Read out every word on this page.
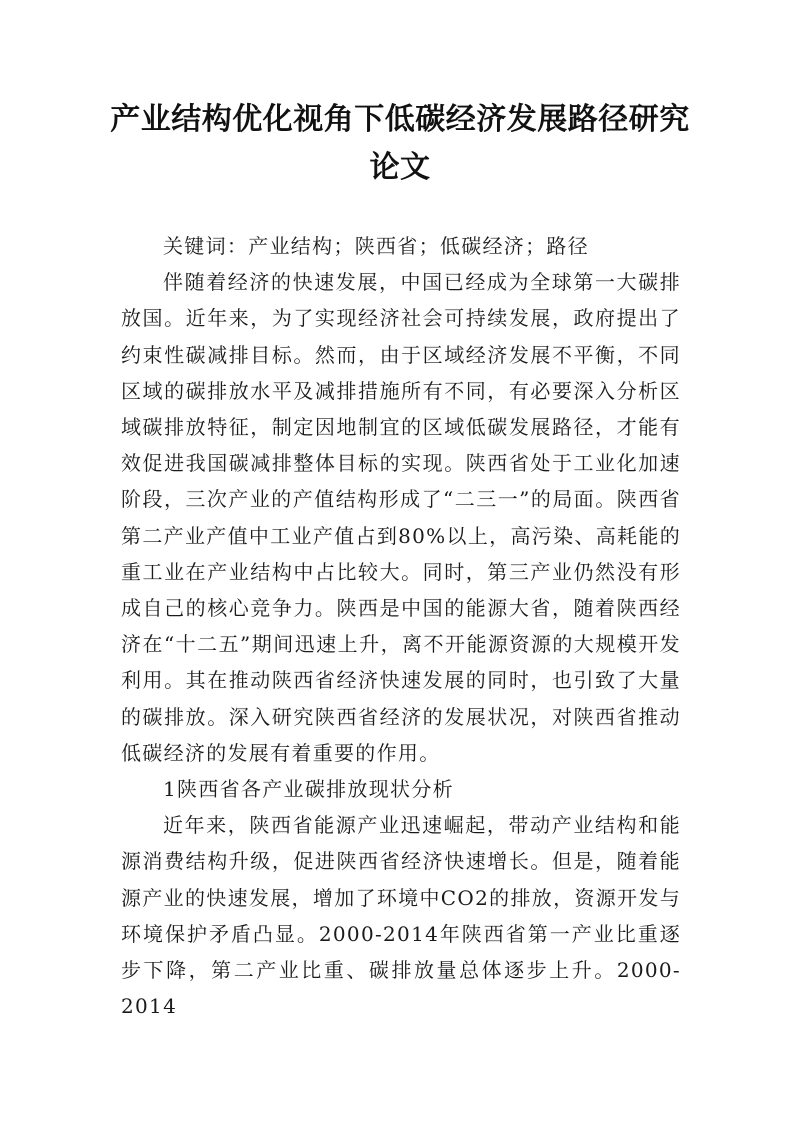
产业结构优化视角下低碳经济发展路径研究论文

关键词：产业结构；陕西省；低碳经济；路径

伴随着经济的快速发展，中国已经成为全球第一大碳排放国。近年来，为了实现经济社会可持续发展，政府提出了约束性碳减排目标。然而，由于区域经济发展不平衡，不同区域的碳排放水平及减排措施所有不同，有必要深入分析区域碳排放特征，制定因地制宜的区域低碳发展路径，才能有效促进我国碳减排整体目标的实现。陕西省处于工业化加速阶段，三次产业的产值结构形成了“二三一”的局面。陕西省第二产业产值中工业产值占到80%以上，高污染、高耗能的重工业在产业结构中占比较大。同时，第三产业仍然没有形成自己的核心竞争力。陕西是中国的能源大省，随着陕西经济在“十二五”期间迅速上升，离不开能源资源的大规模开发利用。其在推动陕西省经济快速发展的同时，也引致了大量的碳排放。深入研究陕西省经济的发展状况，对陕西省推动低碳经济的发展有着重要的作用。

1陕西省各产业碳排放现状分析

近年来，陕西省能源产业迅速崛起，带动产业结构和能源消费结构升级，促进陕西省经济快速增长。但是，随着能源产业的快速发展，增加了环境中CO2的排放，资源开发与环境保护矛盾凸显。2000-2014年陕西省第一产业比重逐步下降，第二产业比重、碳排放量总体逐步上升。2000-2014
